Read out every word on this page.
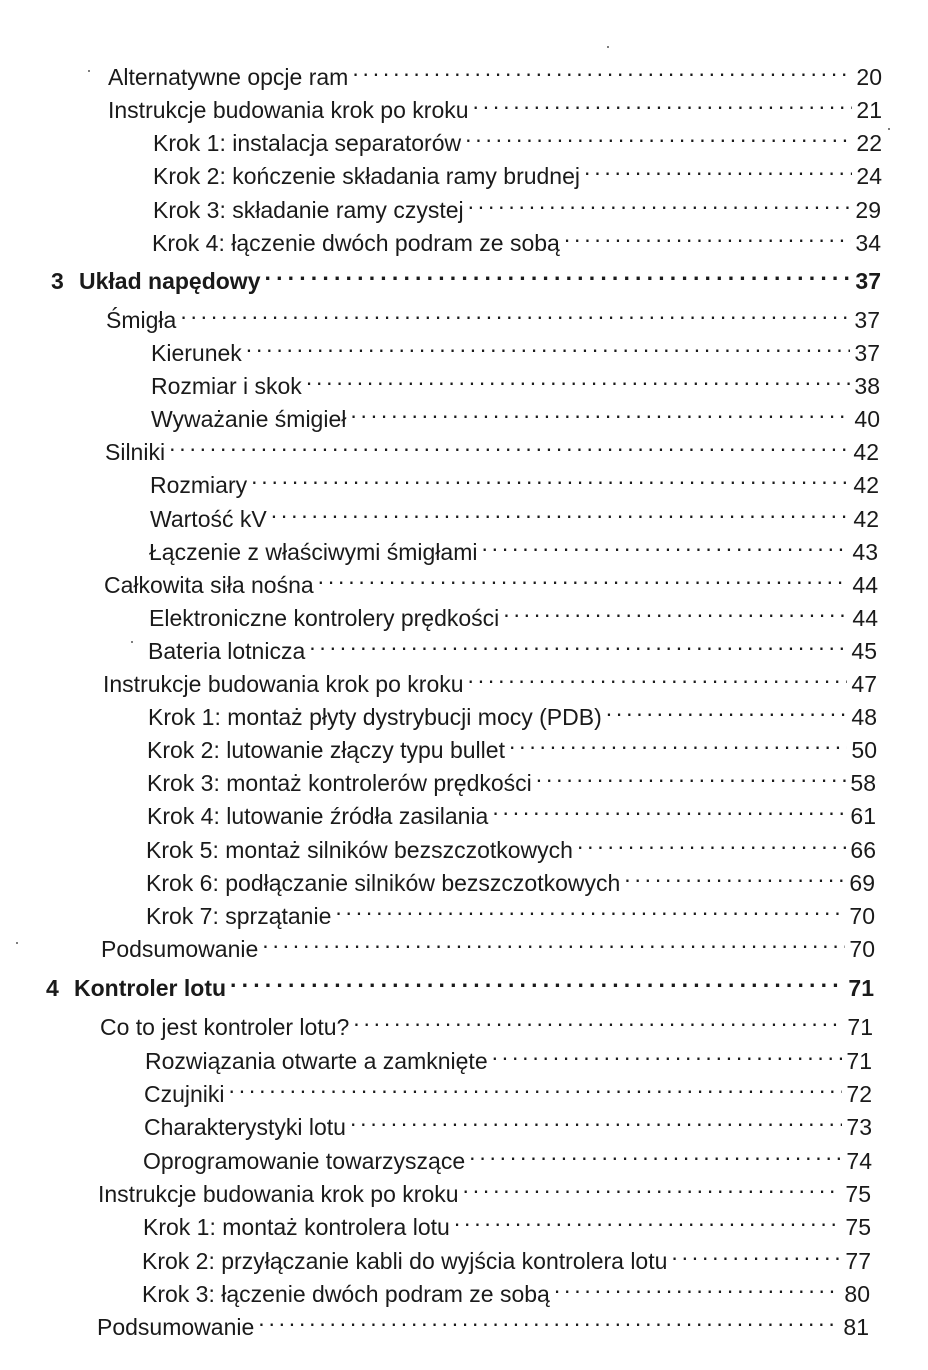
Alternatywne opcje ram . . .	20
Instrukcje budowania krok po kroku . . .	21
Krok 1: instalacja separatorów . . .	22
Krok 2: kończenie składania ramy brudnej . . .	24
Krok 3: składanie ramy czystej . . .	29
Krok 4: łączenie dwóch podram ze sobą . . .	34
3 Układ napędowy . . .	37
Śmigła . . .	37
Kierunek . . .	37
Rozmiar i skok . . .	38
Wyważanie śmigieł . . .	40
Silniki . . .	42
Rozmiary . . .	42
Wartość kV . . .	42
Łączenie z właściwymi śmigłami . . .	43
Całkowita siła nośna . . .	44
Elektroniczne kontrolery prędkości . . .	44
Bateria lotnicza . . .	45
Instrukcje budowania krok po kroku . . .	47
Krok 1: montaż płyty dystrybucji mocy (PDB) . . .	48
Krok 2: lutowanie złączy typu bullet . . .	50
Krok 3: montaż kontrolerów prędkości . . .	58
Krok 4: lutowanie źródła zasilania . . .	61
Krok 5: montaż silników bezszczotkowych . . .	66
Krok 6: podłączanie silników bezszczotkowych . . .	69
Krok 7: sprzątanie . . .	70
Podsumowanie . . .	70
4 Kontroler lotu . . .	71
Co to jest kontroler lotu? . . .	71
Rozwiązania otwarte a zamknięte . . .	71
Czujniki . . .	72
Charakterystyki lotu . . .	73
Oprogramowanie towarzyszące . . .	74
Instrukcje budowania krok po kroku . . .	75
Krok 1: montaż kontrolera lotu . . .	75
Krok 2: przyłączanie kabli do wyjścia kontrolera lotu . . .	77
Krok 3: łączenie dwóch podram ze sobą . . .	80
Podsumowanie . . .	81
